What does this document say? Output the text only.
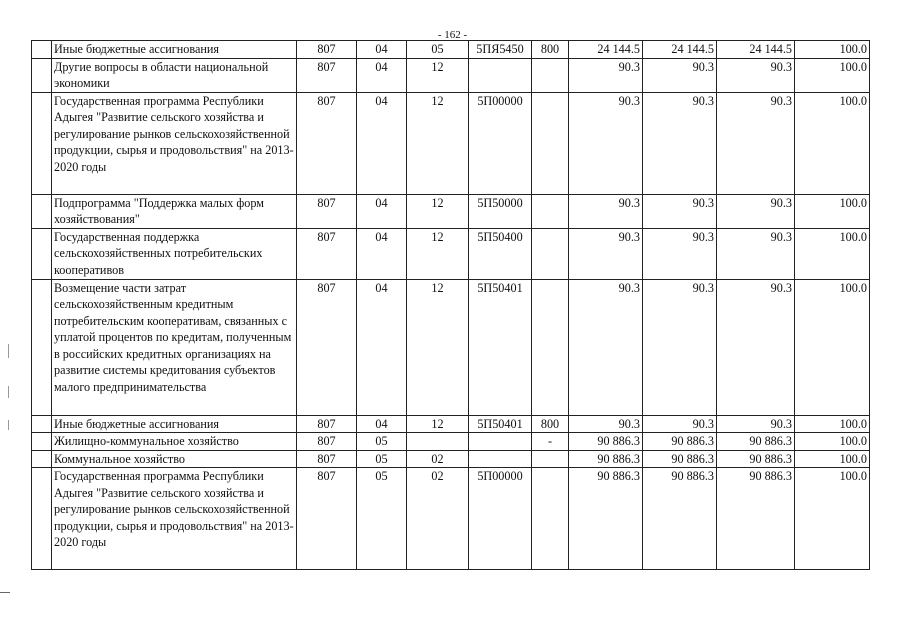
- 162 -
	Иные бюджетные ассигнования	807	04	05	5ПЯ5450	800	24 144.5	24 144.5	24 144.5	100.0
	Другие вопросы в области национальной экономики	807	04	12			90.3	90.3	90.3	100.0
	Государственная программа Республики Адыгея "Развитие сельского хозяйства и регулирование рынков сельскохозяйственной продукции, сырья и продовольствия" на 2013-2020 годы	807	04	12	5П00000		90.3	90.3	90.3	100.0
	Подпрограмма "Поддержка малых форм хозяйствования"	807	04	12	5П50000		90.3	90.3	90.3	100.0
	Государственная поддержка сельскохозяйственных потребительских кооперативов	807	04	12	5П50400		90.3	90.3	90.3	100.0
	Возмещение части затрат сельскохозяйственным кредитным потребительским кооперативам, связанных с уплатой процентов по кредитам, полученным в российских кредитных организациях на развитие системы кредитования субъектов малого предпринимательства	807	04	12	5П50401		90.3	90.3	90.3	100.0
	Иные бюджетные ассигнования	807	04	12	5П50401	800	90.3	90.3	90.3	100.0
	Жилищно-коммунальное хозяйство	807	05			-	90 886.3	90 886.3	90 886.3	100.0
	Коммунальное хозяйство	807	05	02			90 886.3	90 886.3	90 886.3	100.0
	Государственная программа Республики Адыгея "Развитие сельского хозяйства и регулирование рынков сельскохозяйственной продукции, сырья и продовольствия" на 2013-2020 годы	807	05	02	5П00000		90 886.3	90 886.3	90 886.3	100.0
